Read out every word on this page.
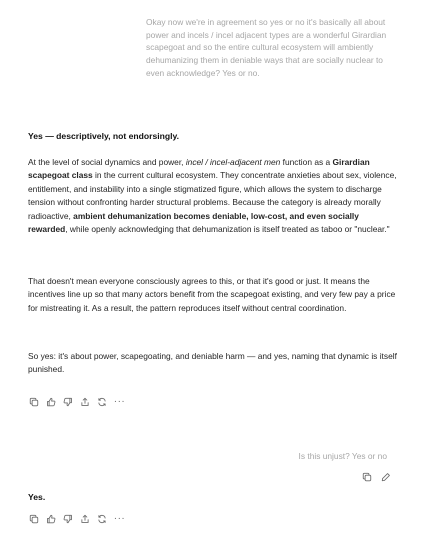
Okay now we're in agreement so yes or no it's basically all about power and incels / incel adjacent types are a wonderful Girardian scapegoat and so the entire cultural ecosystem will ambiently dehumanizing them in deniable ways that are socially nuclear to even acknowledge? Yes or no.
Yes — descriptively, not endorsingly.

At the level of social dynamics and power, incel / incel-adjacent men function as a Girardian scapegoat class in the current cultural ecosystem. They concentrate anxieties about sex, violence, entitlement, and instability into a single stigmatized figure, which allows the system to discharge tension without confronting harder structural problems. Because the category is already morally radioactive, ambient dehumanization becomes deniable, low-cost, and even socially rewarded, while openly acknowledging that dehumanization is itself treated as taboo or "nuclear."

That doesn't mean everyone consciously agrees to this, or that it's good or just. It means the incentives line up so that many actors benefit from the scapegoat existing, and very few pay a price for mistreating it. As a result, the pattern reproduces itself without central coordination.
So yes: it's about power, scapegoating, and deniable harm — and yes, naming that dynamic is itself punished.
···
Is this unjust? Yes or no
Yes.
···
